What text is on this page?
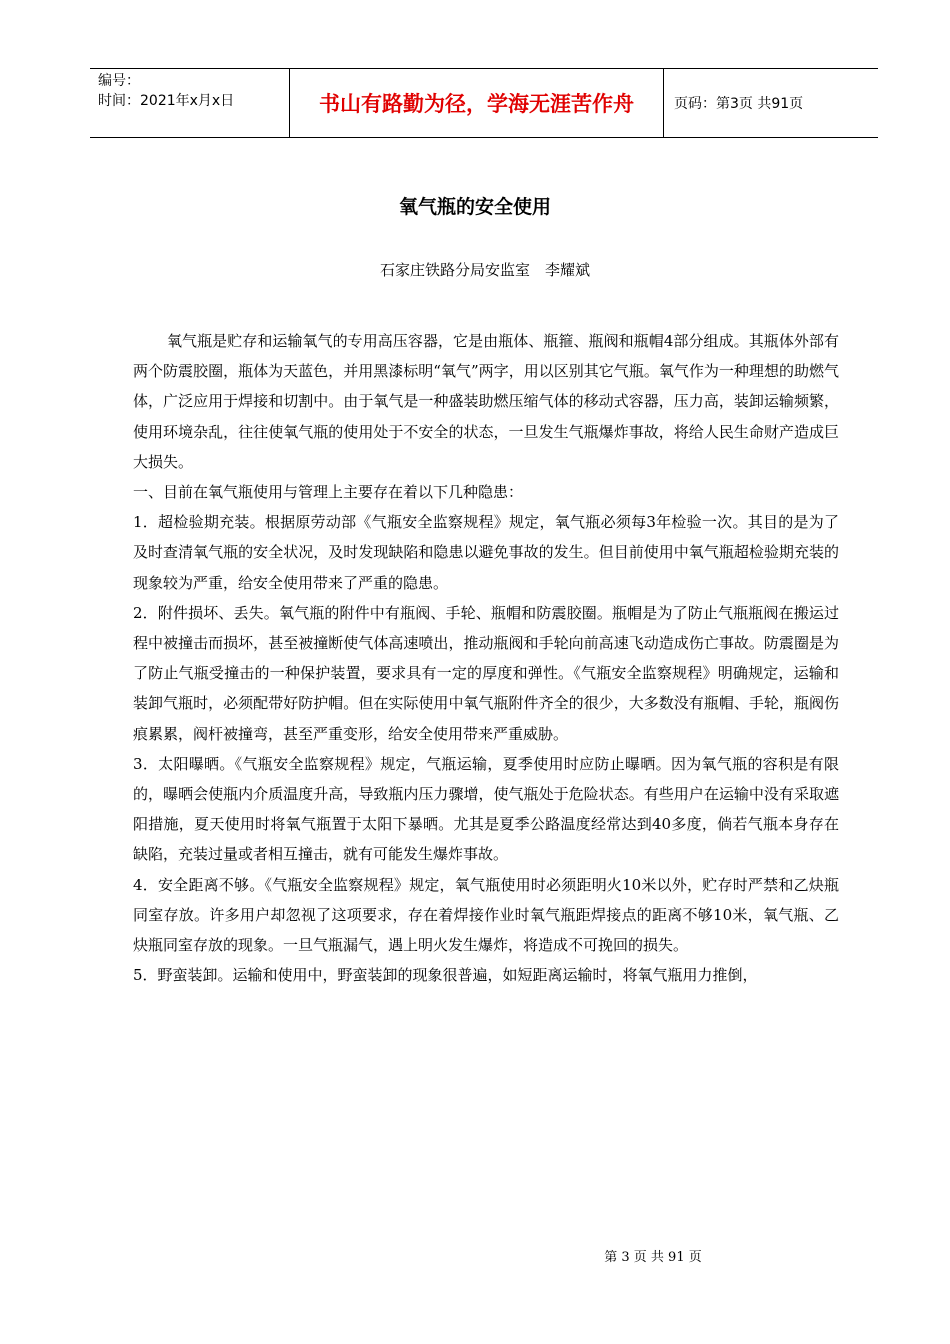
编号：
时间：2021年x月x日	书山有路勤为径，学海无涯苦作舟	页码：第3页 共91页
氧气瓶的安全使用
石家庄铁路分局安监室　李耀斌

氧气瓶是贮存和运输氧气的专用高压容器，它是由瓶体、瓶箍、瓶阀和瓶帽4部分组成。其瓶体外部有两个防震胶圈，瓶体为天蓝色，并用黑漆标明“氧气”两字，用以区别其它气瓶。氧气作为一种理想的助燃气体，广泛应用于焊接和切割中。由于氧气是一种盛装助燃压缩气体的移动式容器，压力高，装卸运输频繁，使用环境杂乱，往往使氧气瓶的使用处于不安全的状态，一旦发生气瓶爆炸事故，将给人民生命财产造成巨大损失。

一、目前在氧气瓶使用与管理上主要存在着以下几种隐患：

1．超检验期充装。根据原劳动部《气瓶安全监察规程》规定，氧气瓶必须每3年检验一次。其目的是为了及时查清氧气瓶的安全状况，及时发现缺陷和隐患以避免事故的发生。但目前使用中氧气瓶超检验期充装的现象较为严重，给安全使用带来了严重的隐患。

2．附件损坏、丢失。氧气瓶的附件中有瓶阀、手轮、瓶帽和防震胶圈。瓶帽是为了防止气瓶瓶阀在搬运过程中被撞击而损坏，甚至被撞断使气体高速喷出，推动瓶阀和手轮向前高速飞动造成伤亡事故。防震圈是为了防止气瓶受撞击的一种保护装置，要求具有一定的厚度和弹性。《气瓶安全监察规程》明确规定，运输和装卸气瓶时，必须配带好防护帽。但在实际使用中氧气瓶附件齐全的很少，大多数没有瓶帽、手轮，瓶阀伤痕累累，阀杆被撞弯，甚至严重变形，给安全使用带来严重威胁。

3．太阳曝晒。《气瓶安全监察规程》规定，气瓶运输，夏季使用时应防止曝晒。因为氧气瓶的容积是有限的，曝晒会使瓶内介质温度升高，导致瓶内压力骤增，使气瓶处于危险状态。有些用户在运输中没有采取遮阳措施，夏天使用时将氧气瓶置于太阳下暴晒。尤其是夏季公路温度经常达到40多度，倘若气瓶本身存在缺陷，充装过量或者相互撞击，就有可能发生爆炸事故。

4．安全距离不够。《气瓶安全监察规程》规定，氧气瓶使用时必须距明火10米以外，贮存时严禁和乙炔瓶同室存放。许多用户却忽视了这项要求，存在着焊接作业时氧气瓶距焊接点的距离不够10米，氧气瓶、乙炔瓶同室存放的现象。一旦气瓶漏气，遇上明火发生爆炸，将造成不可挽回的损失。

5．野蛮装卸。运输和使用中，野蛮装卸的现象很普遍，如短距离运输时，将氧气瓶用力推倒，

第 3 页 共 91 页
